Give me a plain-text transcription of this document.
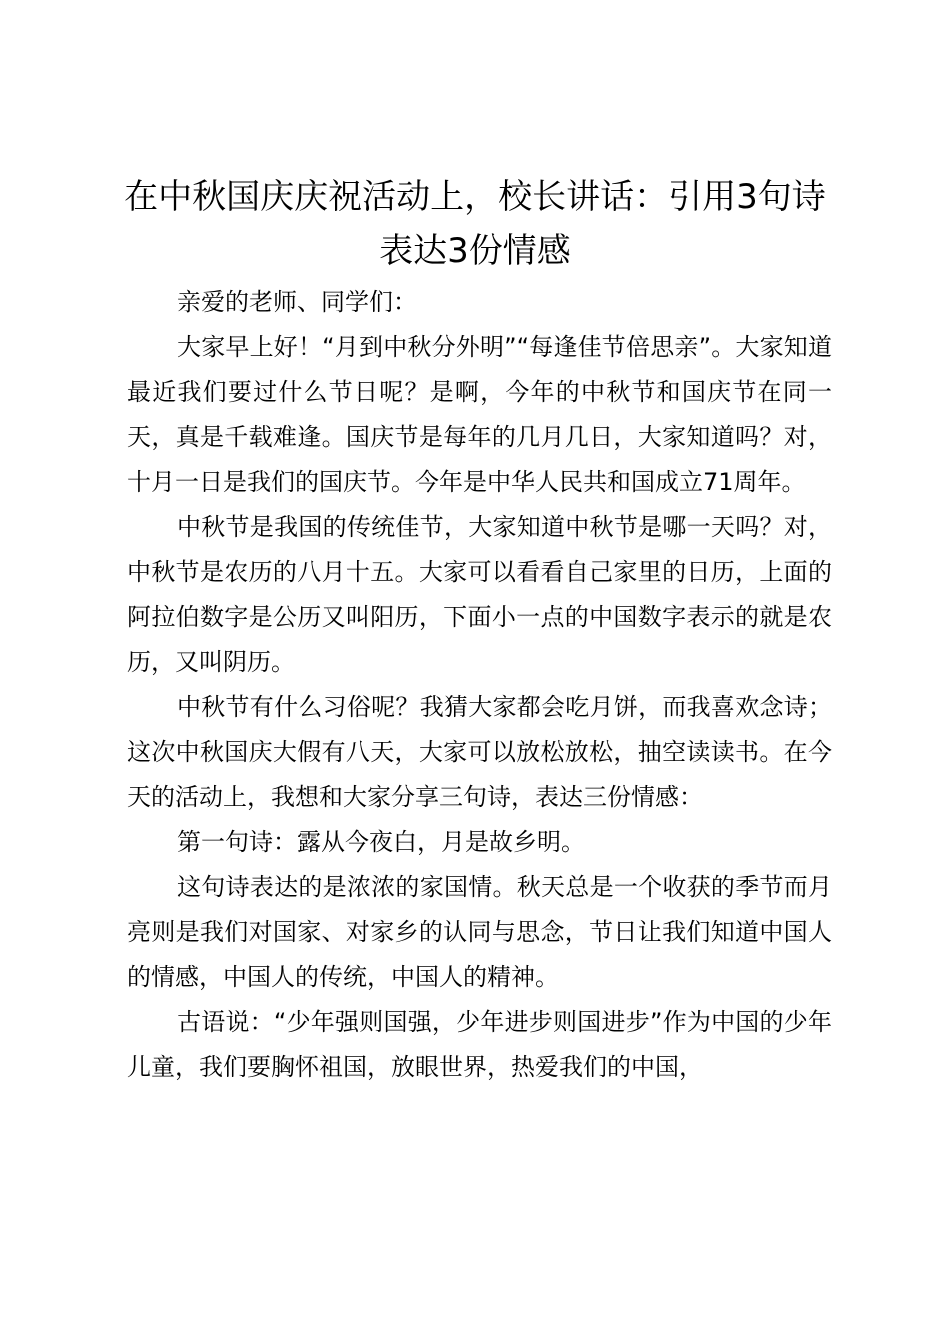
在中秋国庆庆祝活动上，校长讲话：引用3句诗表达3份情感

亲爱的老师、同学们：

大家早上好！“月到中秋分外明”“每逢佳节倍思亲”。大家知道最近我们要过什么节日呢？是啊，今年的中秋节和国庆节在同一天，真是千载难逢。国庆节是每年的几月几日，大家知道吗？对，十月一日是我们的国庆节。今年是中华人民共和国成立71周年。

中秋节是我国的传统佳节，大家知道中秋节是哪一天吗？对，中秋节是农历的八月十五。大家可以看看自己家里的日历，上面的阿拉伯数字是公历又叫阳历，下面小一点的中国数字表示的就是农历，又叫阴历。

中秋节有什么习俗呢？我猜大家都会吃月饼，而我喜欢念诗；这次中秋国庆大假有八天，大家可以放松放松，抽空读读书。在今天的活动上，我想和大家分享三句诗，表达三份情感：

第一句诗：露从今夜白，月是故乡明。

这句诗表达的是浓浓的家国情。秋天总是一个收获的季节而月亮则是我们对国家、对家乡的认同与思念，节日让我们知道中国人的情感，中国人的传统，中国人的精神。

古语说：“少年强则国强，少年进步则国进步”作为中国的少年儿童，我们要胸怀祖国，放眼世界，热爱我们的中国，
